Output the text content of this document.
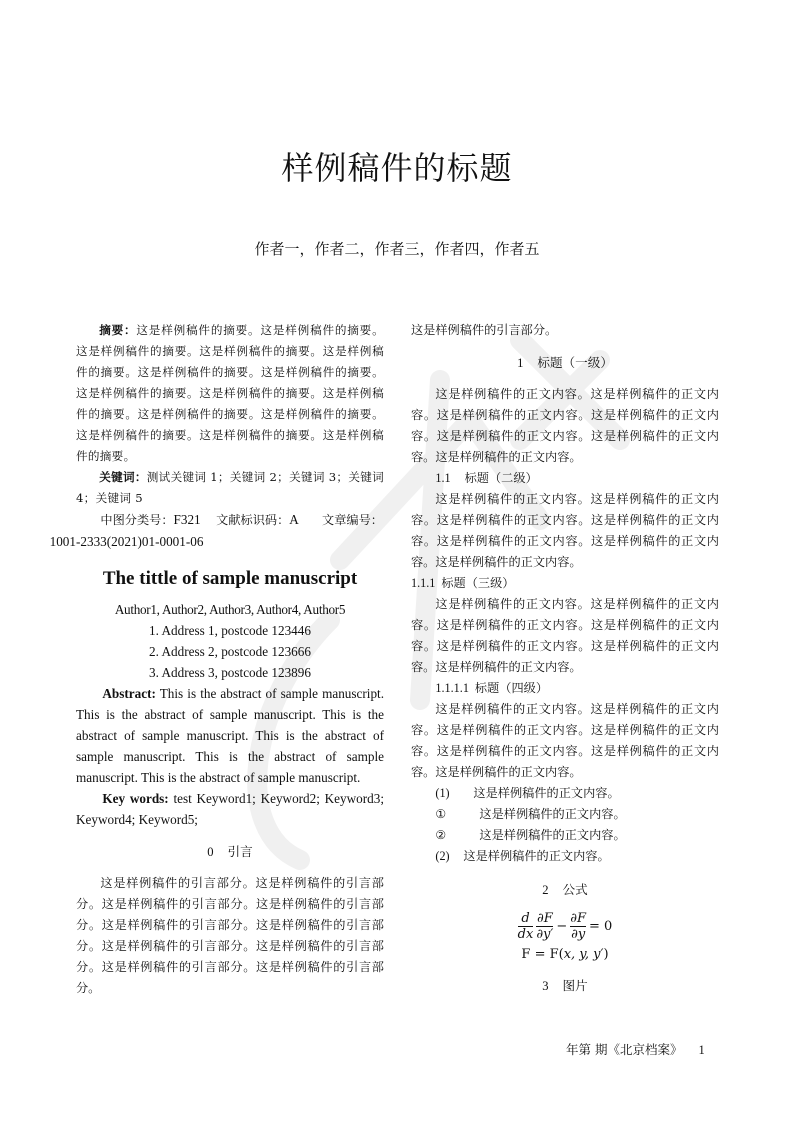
样例稿件的标题
作者一，作者二，作者三，作者四，作者五

摘要：这是样例稿件的摘要。这是样例稿件的摘要。这是样例稿件的摘要。这是样例稿件的摘要。这是样例稿件的摘要。这是样例稿件的摘要。这是样例稿件的摘要。这是样例稿件的摘要。这是样例稿件的摘要。这是样例稿件的摘要。这是样例稿件的摘要。这是样例稿件的摘要。这是样例稿件的摘要。这是样例稿件的摘要。这是样例稿件的摘要。

关键词：测试关键词 1；关键词 2；关键词 3；关键词 4；关键词 5

中图分类号：F321 文献标识码：A 文章编号：
1001-2333(2021)01-0001-06

The tittle of sample manuscript
Author1, Author2, Author3, Author4, Author5
1. Address 1, postcode 123446
2. Address 2, postcode 123666
3. Address 3, postcode 123896

Abstract: This is the abstract of sample manuscript. This is the abstract of sample manuscript. This is the abstract of sample manuscript. This is the abstract of sample manuscript. This is the abstract of sample manuscript. This is the abstract of sample manuscript.

Key words: test Keyword1; Keyword2; Keyword3; Keyword4; Keyword5;

0 引言

这是样例稿件的引言部分。这是样例稿件的引言部分。这是样例稿件的引言部分。这是样例稿件的引言部分。这是样例稿件的引言部分。这是样例稿件的引言部分。这是样例稿件的引言部分。这是样例稿件的引言部分。这是样例稿件的引言部分。这是样例稿件的引言部分。

这是样例稿件的引言部分。

1 标题（一级）

这是样例稿件的正文内容。这是样例稿件的正文内容。这是样例稿件的正文内容。这是样例稿件的正文内容。这是样例稿件的正文内容。这是样例稿件的正文内容。这是样例稿件的正文内容。

1.1 标题（二级）

这是样例稿件的正文内容。这是样例稿件的正文内容。这是样例稿件的正文内容。这是样例稿件的正文内容。这是样例稿件的正文内容。这是样例稿件的正文内容。这是样例稿件的正文内容。

1.1.1 标题（三级）

这是样例稿件的正文内容。这是样例稿件的正文内容。这是样例稿件的正文内容。这是样例稿件的正文内容。这是样例稿件的正文内容。这是样例稿件的正文内容。这是样例稿件的正文内容。

1.1.1.1 标题（四级）

这是样例稿件的正文内容。这是样例稿件的正文内容。这是样例稿件的正文内容。这是样例稿件的正文内容。这是样例稿件的正文内容。这是样例稿件的正文内容。这是样例稿件的正文内容。

(1) 这是样例稿件的正文内容。
①	这是样例稿件的正文内容。
②	这是样例稿件的正文内容。
(2) 这是样例稿件的正文内容。
2 公式
$\frac{d}{dx} \frac{\partial F}{\partial y'} - \frac{\partial F}{\partial y} = 0$
F = F(x, y, y′)
3 图片
年第 期《北京档案》 1
